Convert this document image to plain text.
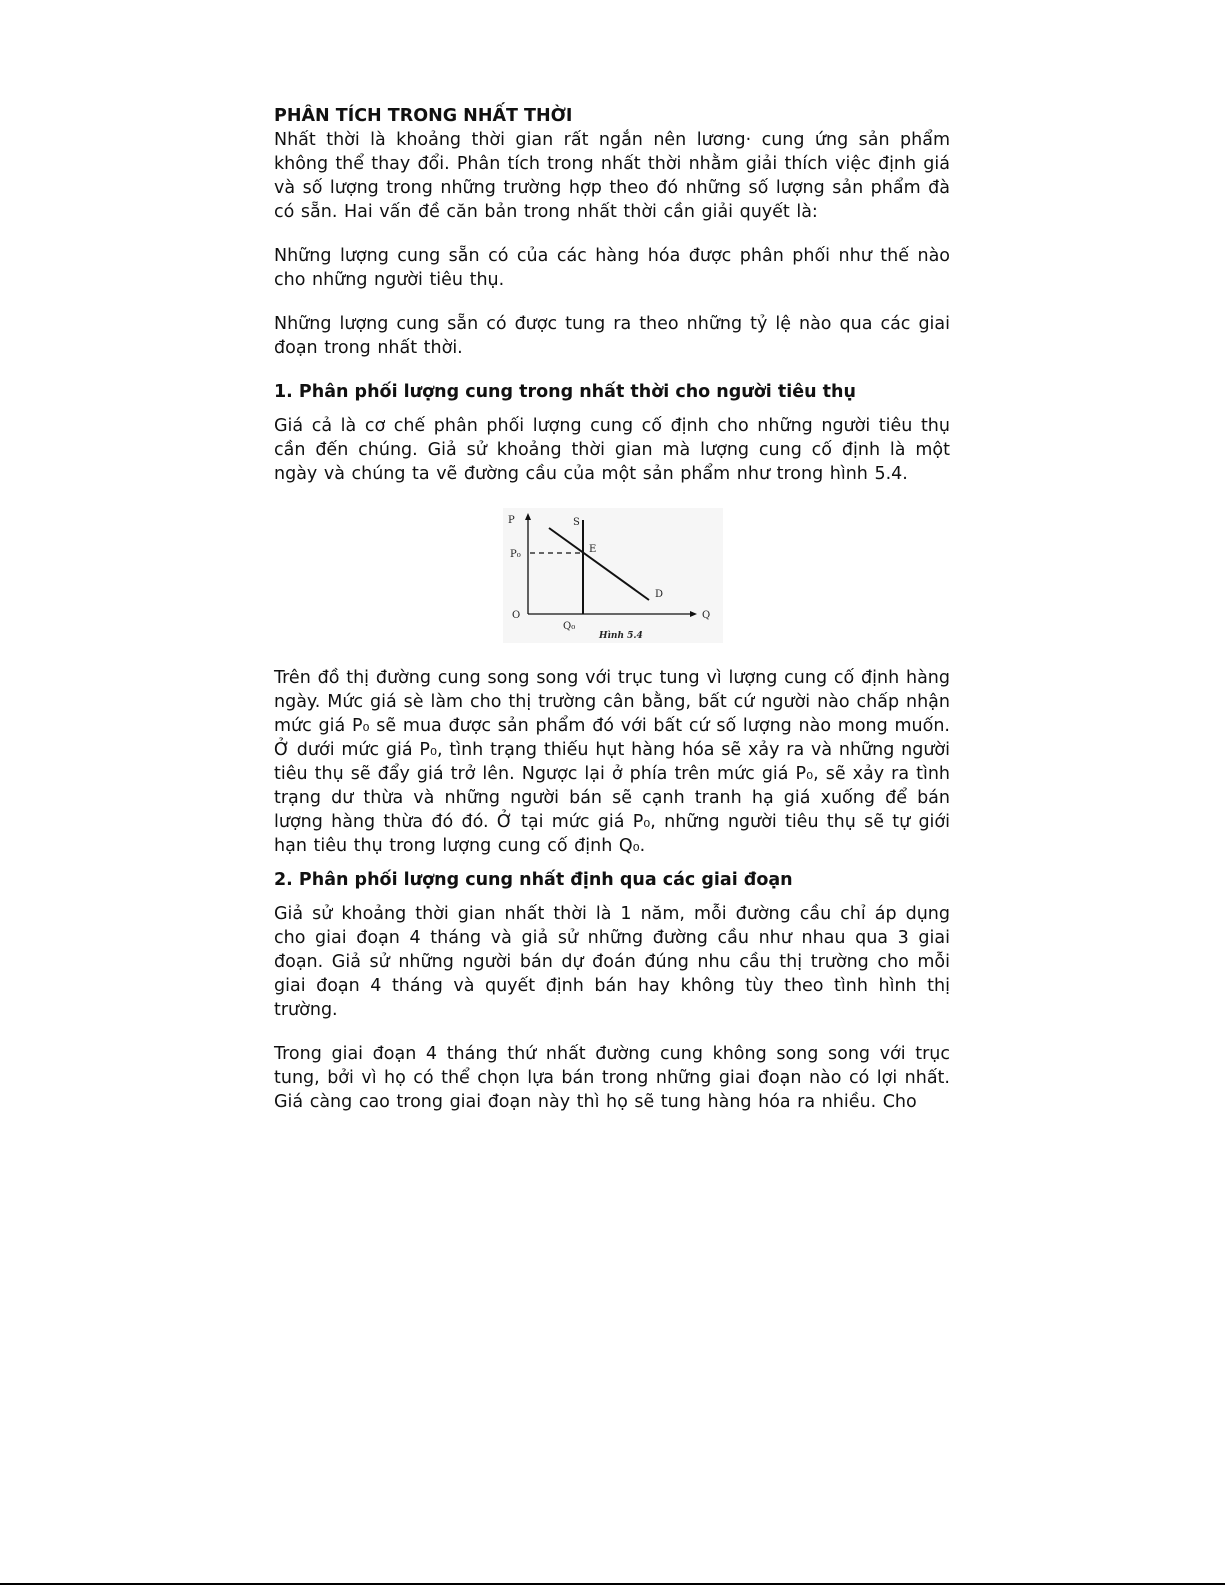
PHÂN TÍCH TRONG NHẤT THỜI

Nhất thời là khoảng thời gian rất ngắn nên lương· cung ứng sản phẩm không thể thay đổi. Phân tích trong nhất thời nhằm giải thích việc định giá và số lượng trong những trường hợp theo đó những số lượng sản phẩm đà có sẵn. Hai vấn đề căn bản trong nhất thời cần giải quyết là:

Những lượng cung sẵn có của các hàng hóa được phân phối như thế nào cho những người tiêu thụ.

Những lượng cung sẵn có được tung ra theo những tỷ lệ nào qua các giai đoạn trong nhất thời.

1. Phân phối lượng cung trong nhất thời cho người tiêu thụ

Giá cả là cơ chế phân phối lượng cung cố định cho những người tiêu thụ cần đến chúng. Giả sử khoảng thời gian mà lượng cung cố định là một ngày và chúng ta vẽ đường cầu của một sản phẩm như trong hình 5.4.

P	S
P₀	E
D
O	Q
Q₀
Hình 5.4

Trên đồ thị đường cung song song với trục tung vì lượng cung cố định hàng ngày. Mức giá sè làm cho thị trường cân bằng, bất cứ người nào chấp nhận mức giá P₀ sẽ mua được sản phẩm đó với bất cứ số lượng nào mong muốn. Ở dưới mức giá P₀, tình trạng thiếu hụt hàng hóa sẽ xảy ra và những người tiêu thụ sẽ đẩy giá trở lên. Ngược lại ở phía trên mức giá P₀, sẽ xảy ra tình trạng dư thừa và những người bán sẽ cạnh tranh hạ giá xuống để bán lượng hàng thừa đó đó. Ở tại mức giá P₀, những người tiêu thụ sẽ tự giới hạn tiêu thụ trong lượng cung cố định Q₀.

2. Phân phối lượng cung nhất định qua các giai đoạn

Giả sử khoảng thời gian nhất thời là 1 năm, mỗi đường cầu chỉ áp dụng cho giai đoạn 4 tháng và giả sử những đường cầu như nhau qua 3 giai đoạn. Giả sử những người bán dự đoán đúng nhu cầu thị trường cho mỗi giai đoạn 4 tháng và quyết định bán hay không tùy theo tình hình thị trường.

Trong giai đoạn 4 tháng thứ nhất đường cung không song song với trục tung, bởi vì họ có thể chọn lựa bán trong những giai đoạn nào có lợi nhất. Giá càng cao trong giai đoạn này thì họ sẽ tung hàng hóa ra nhiều. Cho
